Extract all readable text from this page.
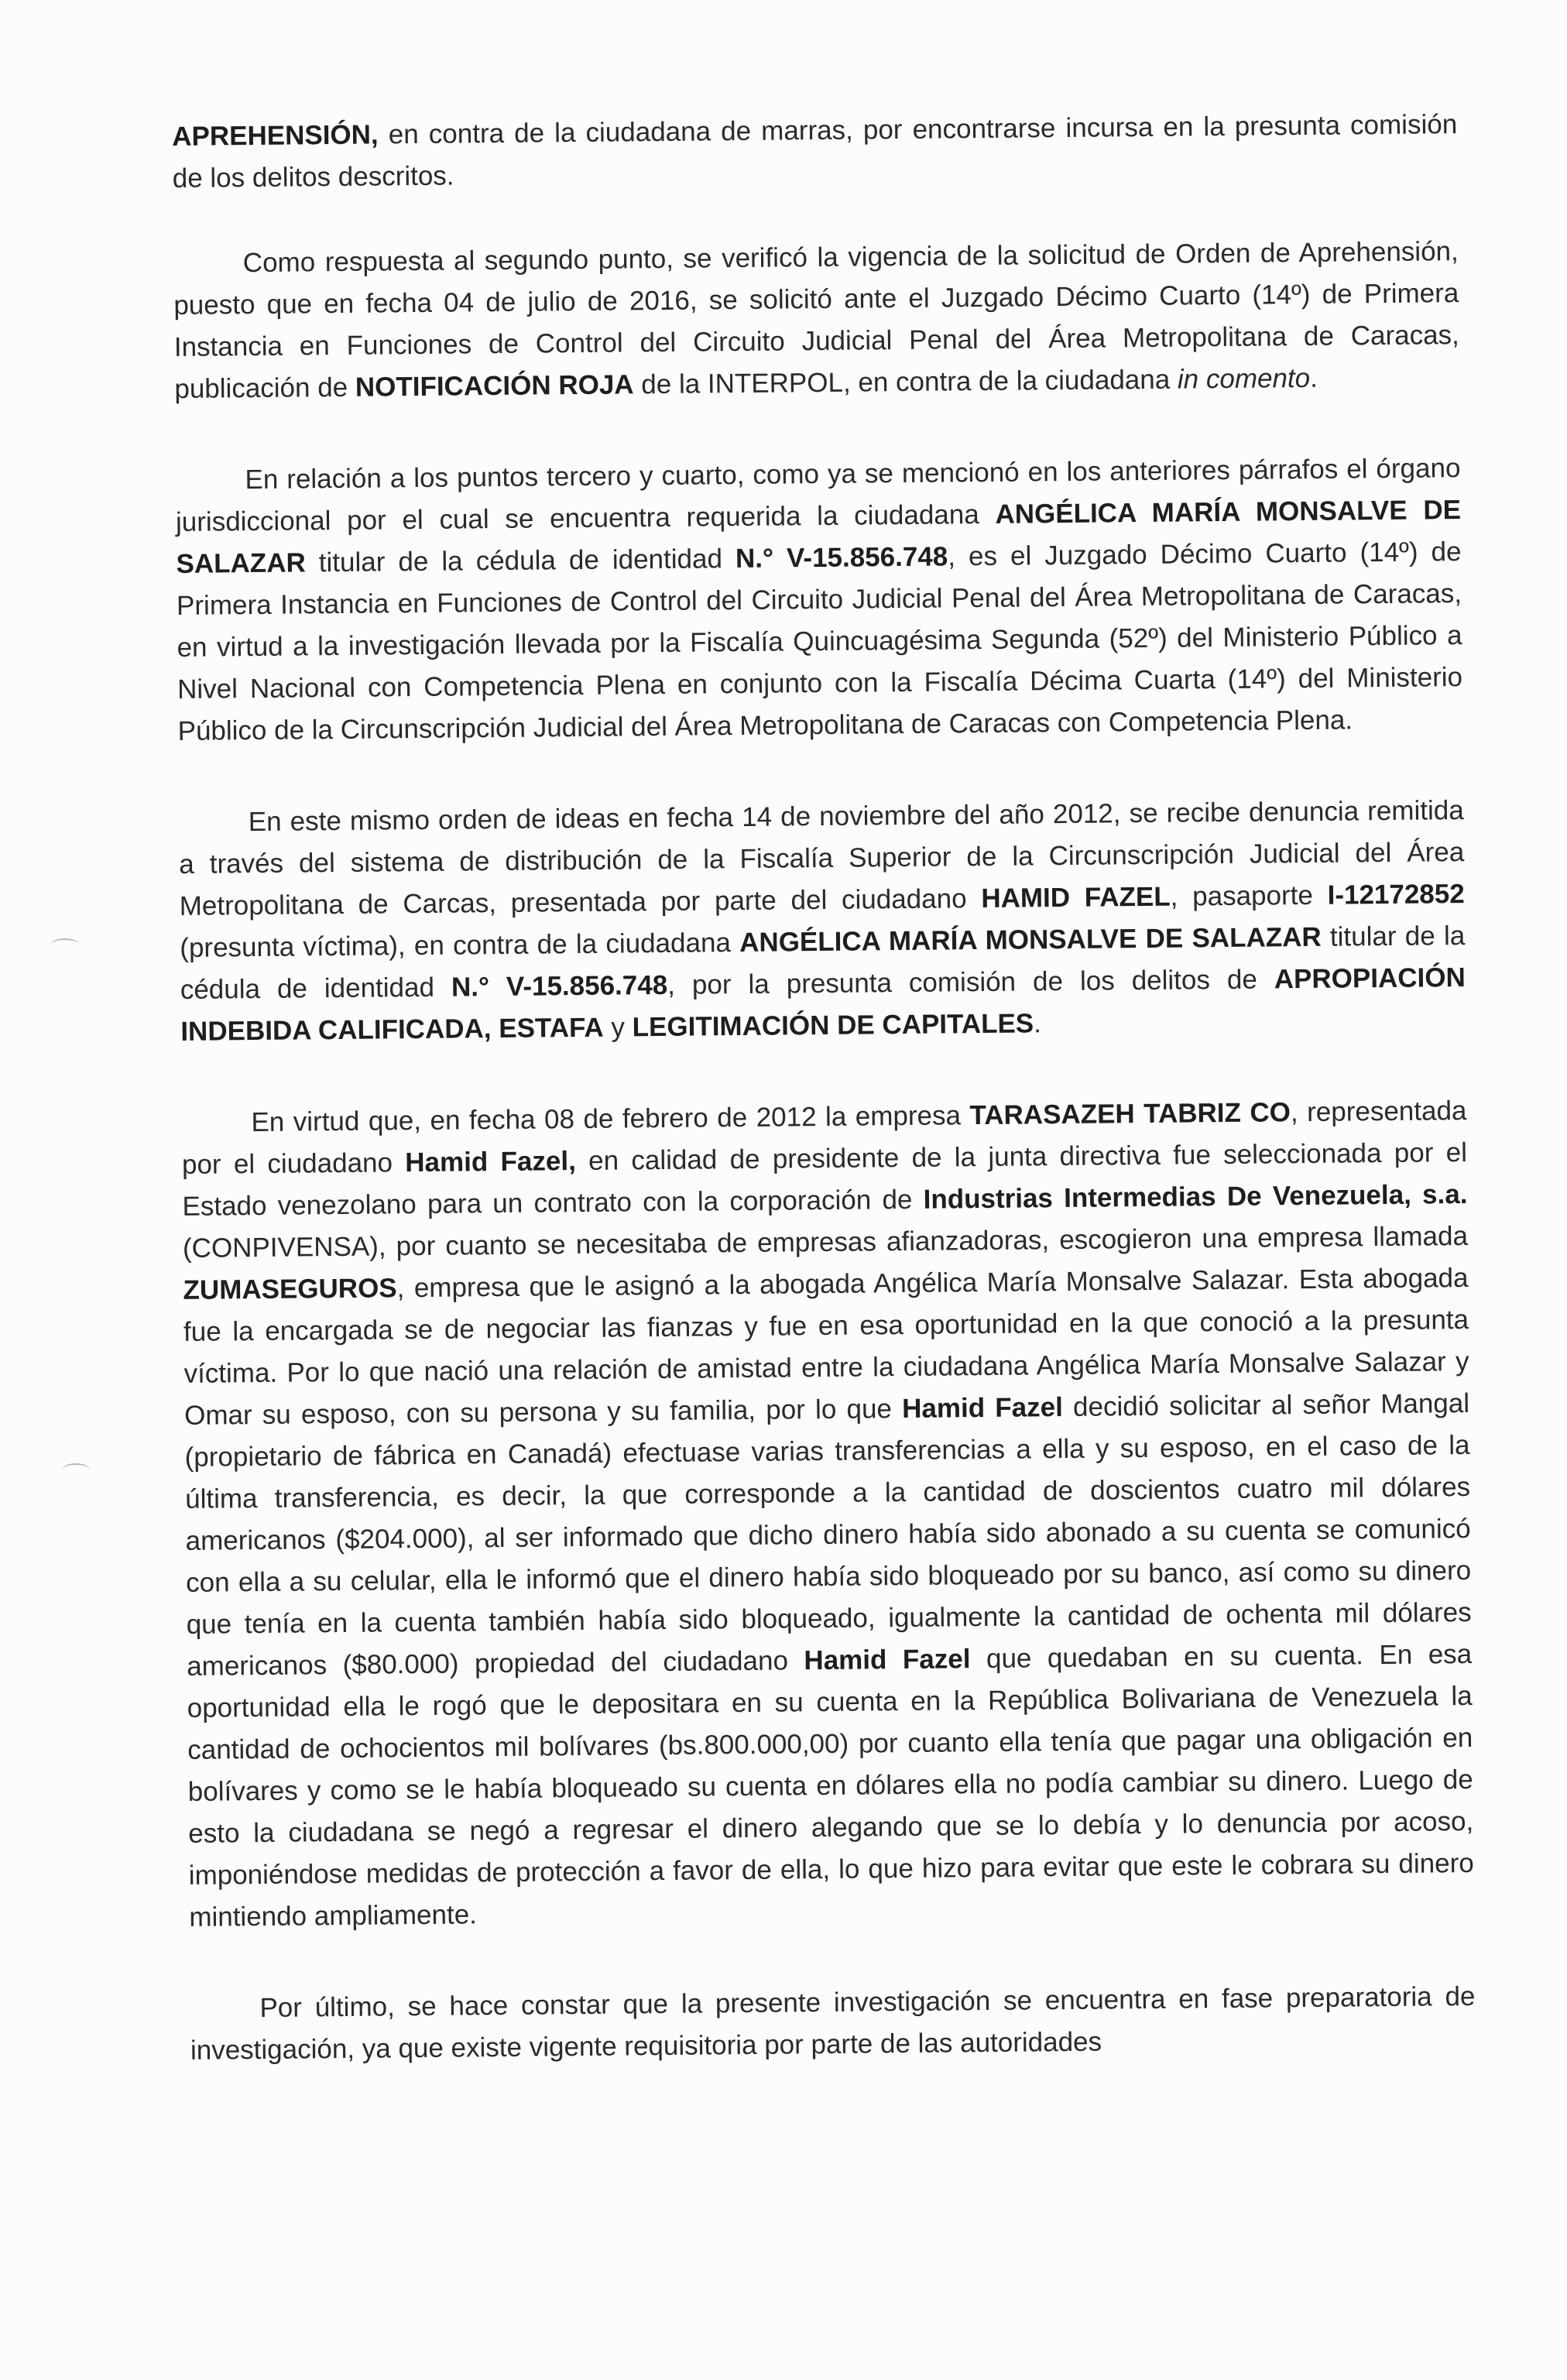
APREHENSIÓN, en contra de la ciudadana de marras, por encontrarse incursa en la presunta comisión de los delitos descritos.

Como respuesta al segundo punto, se verificó la vigencia de la solicitud de Orden de Aprehensión, puesto que en fecha 04 de julio de 2016, se solicitó ante el Juzgado Décimo Cuarto (14º) de Primera Instancia en Funciones de Control del Circuito Judicial Penal del Área Metropolitana de Caracas, publicación de NOTIFICACIÓN ROJA de la INTERPOL, en contra de la ciudadana in comento.

En relación a los puntos tercero y cuarto, como ya se mencionó en los anteriores párrafos el órgano jurisdiccional por el cual se encuentra requerida la ciudadana ANGÉLICA MARÍA MONSALVE DE SALAZAR titular de la cédula de identidad N.° V-15.856.748, es el Juzgado Décimo Cuarto (14º) de Primera Instancia en Funciones de Control del Circuito Judicial Penal del Área Metropolitana de Caracas, en virtud a la investigación llevada por la Fiscalía Quincuagésima Segunda (52º) del Ministerio Público a Nivel Nacional con Competencia Plena en conjunto con la Fiscalía Décima Cuarta (14º) del Ministerio Público de la Circunscripción Judicial del Área Metropolitana de Caracas con Competencia Plena.

En este mismo orden de ideas en fecha 14 de noviembre del año 2012, se recibe denuncia remitida a través del sistema de distribución de la Fiscalía Superior de la Circunscripción Judicial del Área Metropolitana de Carcas, presentada por parte del ciudadano HAMID FAZEL, pasaporte I-12172852 (presunta víctima), en contra de la ciudadana ANGÉLICA MARÍA MONSALVE DE SALAZAR titular de la cédula de identidad N.° V-15.856.748, por la presunta comisión de los delitos de APROPIACIÓN INDEBIDA CALIFICADA, ESTAFA y LEGITIMACIÓN DE CAPITALES.

En virtud que, en fecha 08 de febrero de 2012 la empresa TARASAZEH TABRIZ CO, representada por el ciudadano Hamid Fazel, en calidad de presidente de la junta directiva fue seleccionada por el Estado venezolano para un contrato con la corporación de Industrias Intermedias De Venezuela, s.a. (CONPIVENSA), por cuanto se necesitaba de empresas afianzadoras, escogieron una empresa llamada ZUMASEGUROS, empresa que le asignó a la abogada Angélica María Monsalve Salazar. Esta abogada fue la encargada se de negociar las fianzas y fue en esa oportunidad en la que conoció a la presunta víctima. Por lo que nació una relación de amistad entre la ciudadana Angélica María Monsalve Salazar y Omar su esposo, con su persona y su familia, por lo que Hamid Fazel decidió solicitar al señor Mangal (propietario de fábrica en Canadá) efectuase varias transferencias a ella y su esposo, en el caso de la última transferencia, es decir, la que corresponde a la cantidad de doscientos cuatro mil dólares americanos ($204.000), al ser informado que dicho dinero había sido abonado a su cuenta se comunicó con ella a su celular, ella le informó que el dinero había sido bloqueado por su banco, así como su dinero que tenía en la cuenta también había sido bloqueado, igualmente la cantidad de ochenta mil dólares americanos ($80.000) propiedad del ciudadano Hamid Fazel que quedaban en su cuenta. En esa oportunidad ella le rogó que le depositara en su cuenta en la República Bolivariana de Venezuela la cantidad de ochocientos mil bolívares (bs.800.000,00) por cuanto ella tenía que pagar una obligación en bolívares y como se le había bloqueado su cuenta en dólares ella no podía cambiar su dinero. Luego de esto la ciudadana se negó a regresar el dinero alegando que se lo debía y lo denuncia por acoso, imponiéndose medidas de protección a favor de ella, lo que hizo para evitar que este le cobrara su dinero mintiendo ampliamente.

Por último, se hace constar que la presente investigación se encuentra en fase preparatoria de investigación, ya que existe vigente requisitoria por parte de las autoridades
